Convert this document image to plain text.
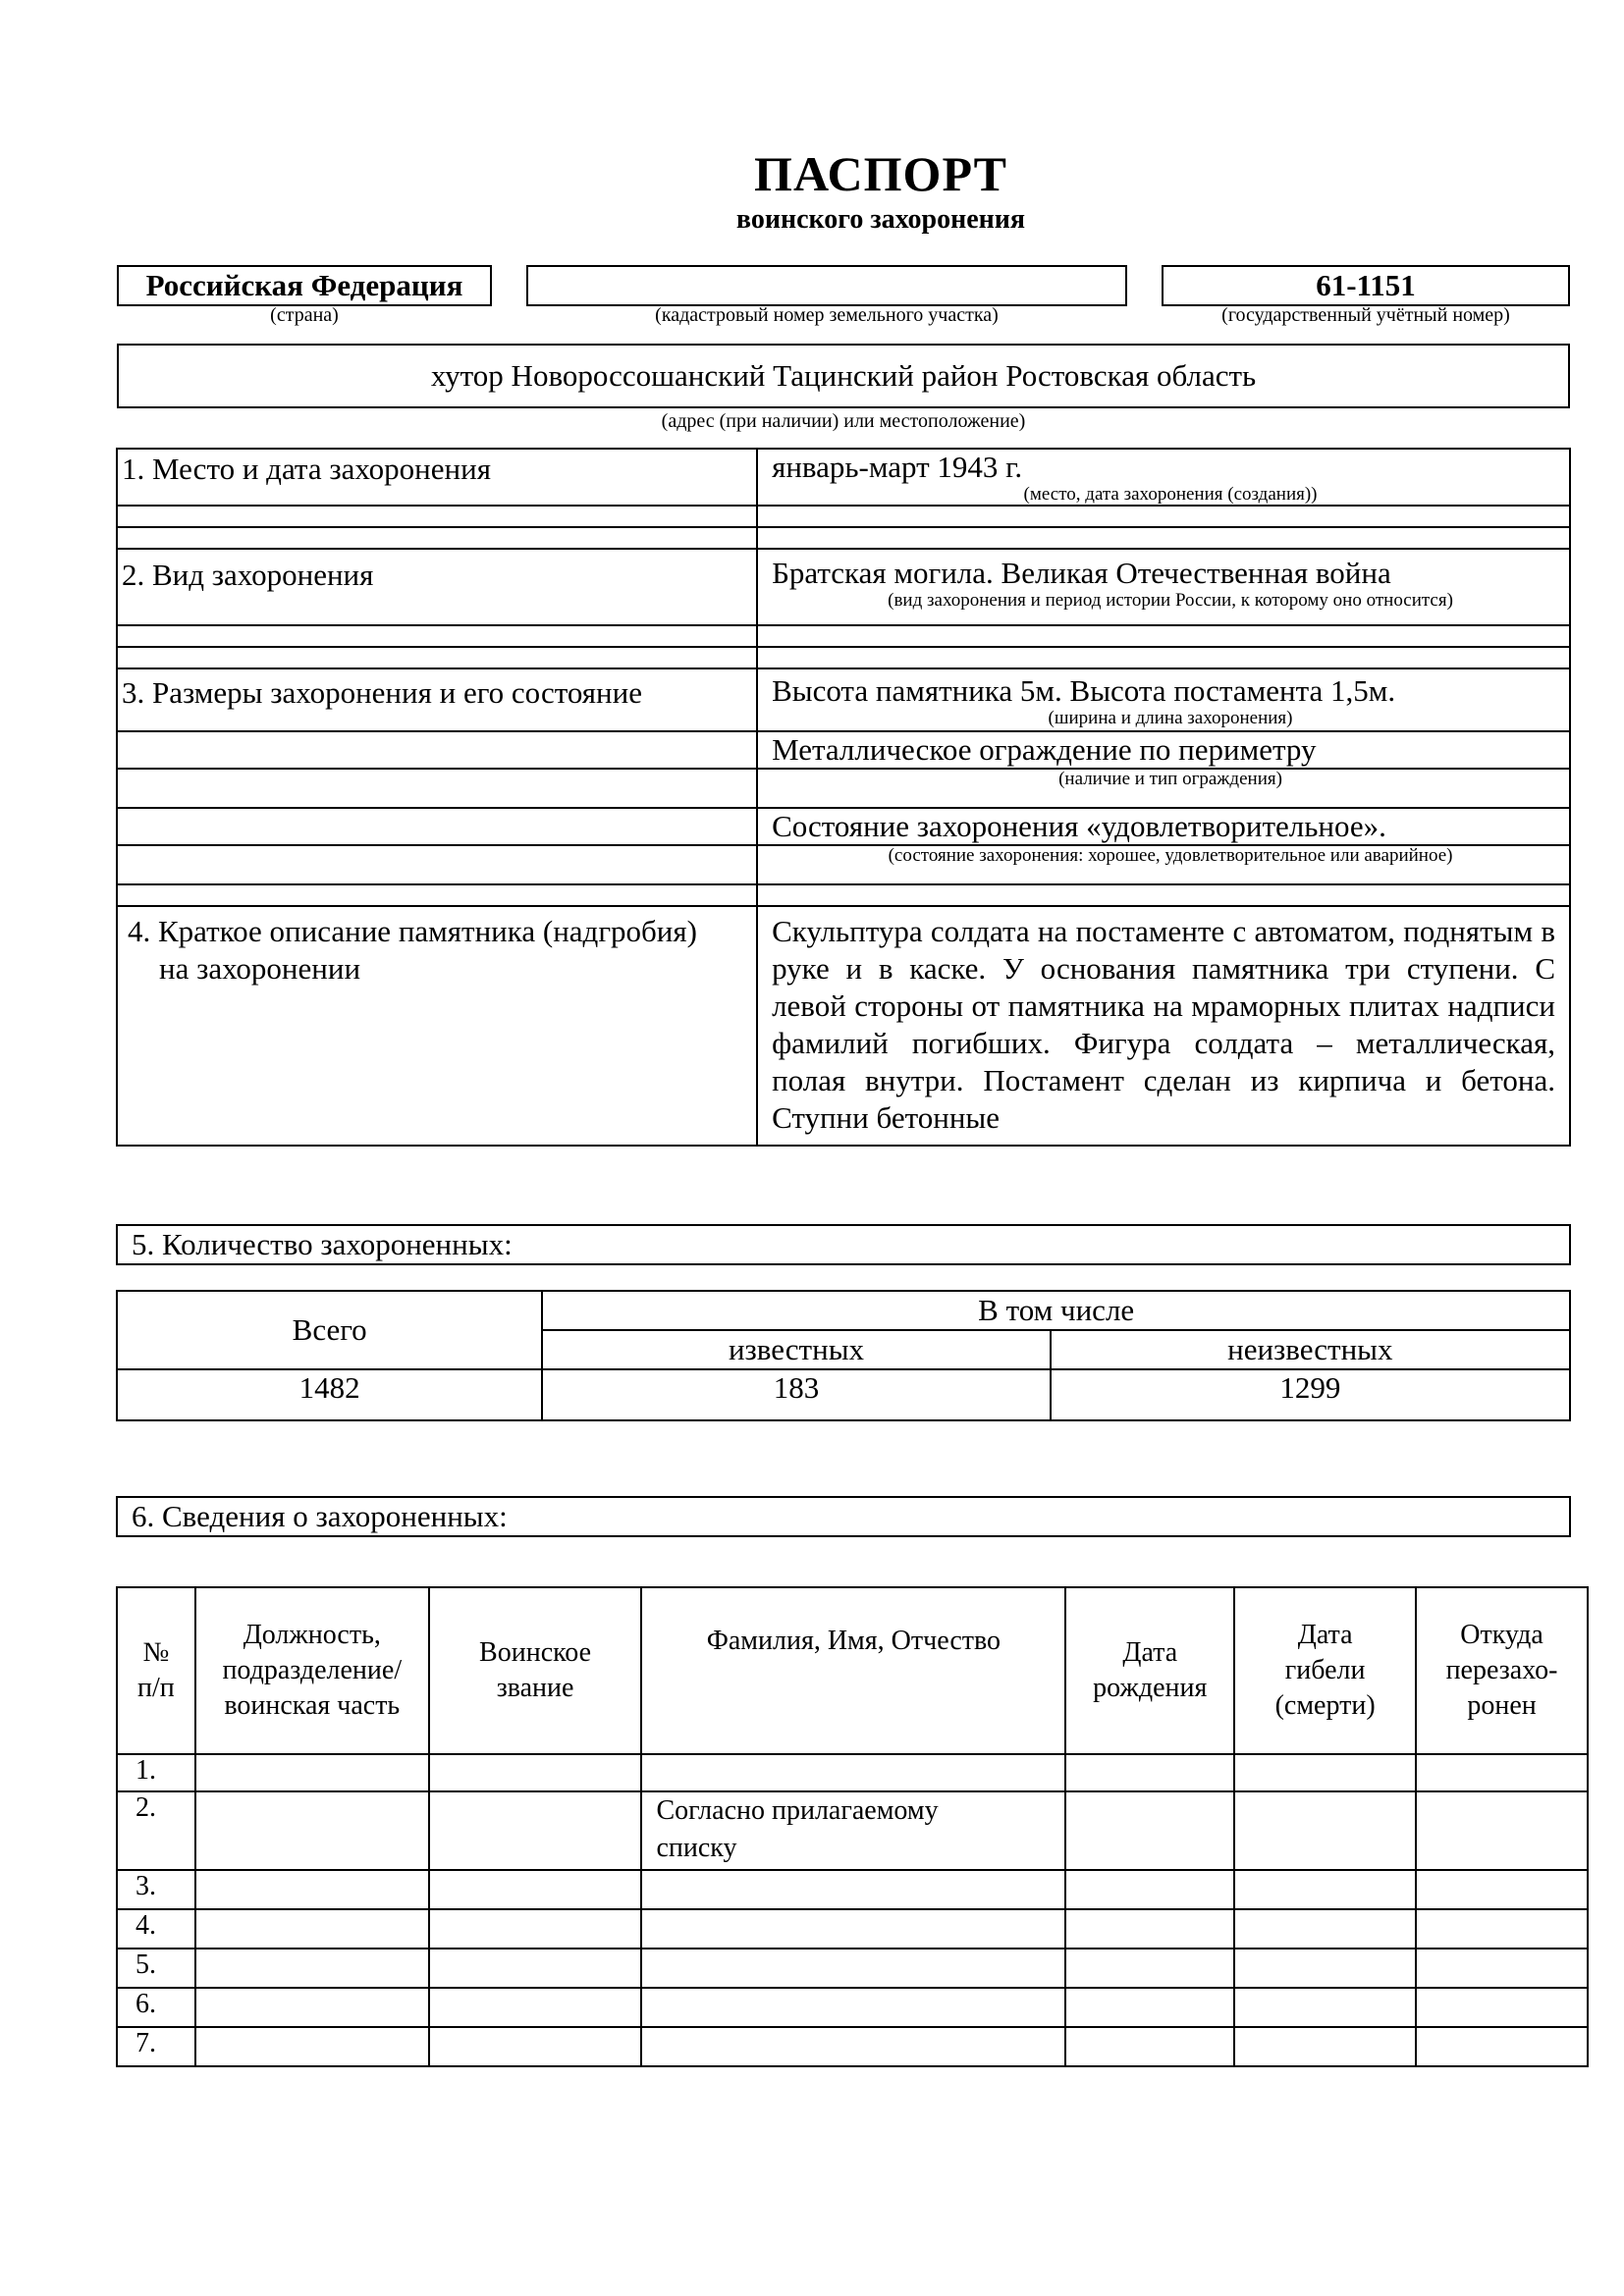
ПАСПОРТ
воинского захоронения
Российская Федерация
(страна)	(кадастровый номер земельного участка)
61-1151
(государственный учётный номер)
хутор Новороссошанский Тацинский район Ростовская область
(адрес (при наличии) или местоположение)
1. Место и дата захоронения	январь-март 1943 г.
(место, дата захоронения (создания))

2. Вид захоронения	Братская могила. Великая Отечественная война
(вид захоронения и период истории России, к которому оно относится)

3. Размеры захоронения и его состояние	Высота памятника 5м. Высота постамента 1,5м.
(ширина и длина захоронения)

	Металлическое ограждение по периметру

	(наличие и тип ограждения)

	Состояние захоронения «удовлетворительное».

	(состояние захоронения: хорошее, удовлетворительное или аварийное)

4. Краткое описание памятника (надгробия)
на захоронении	Скульптура солдата на постаменте с автоматом, поднятым в руке и в каске. У основания памятника три ступени. С левой стороны от памятника на мраморных плитах надписи фамилий погибших. Фигура солдата – металлическая, полая внутри. Постамент сделан из кирпича и бетона. Ступни бетонные
5. Количество захороненных:
Всего	В том числе	
	известных	неизвестных
1482	183	1299
6. Сведения о захороненных:
№ п/п	Должность, подразделение/ воинская часть	Воинское звание	Фамилия, Имя, Отчество	Дата рождения	Дата гибели (смерти)	Откуда перезахо-ронен
1.						
2.			Согласно прилагаемому списку			
3.						
4.						
5.						
6.						
7.						
